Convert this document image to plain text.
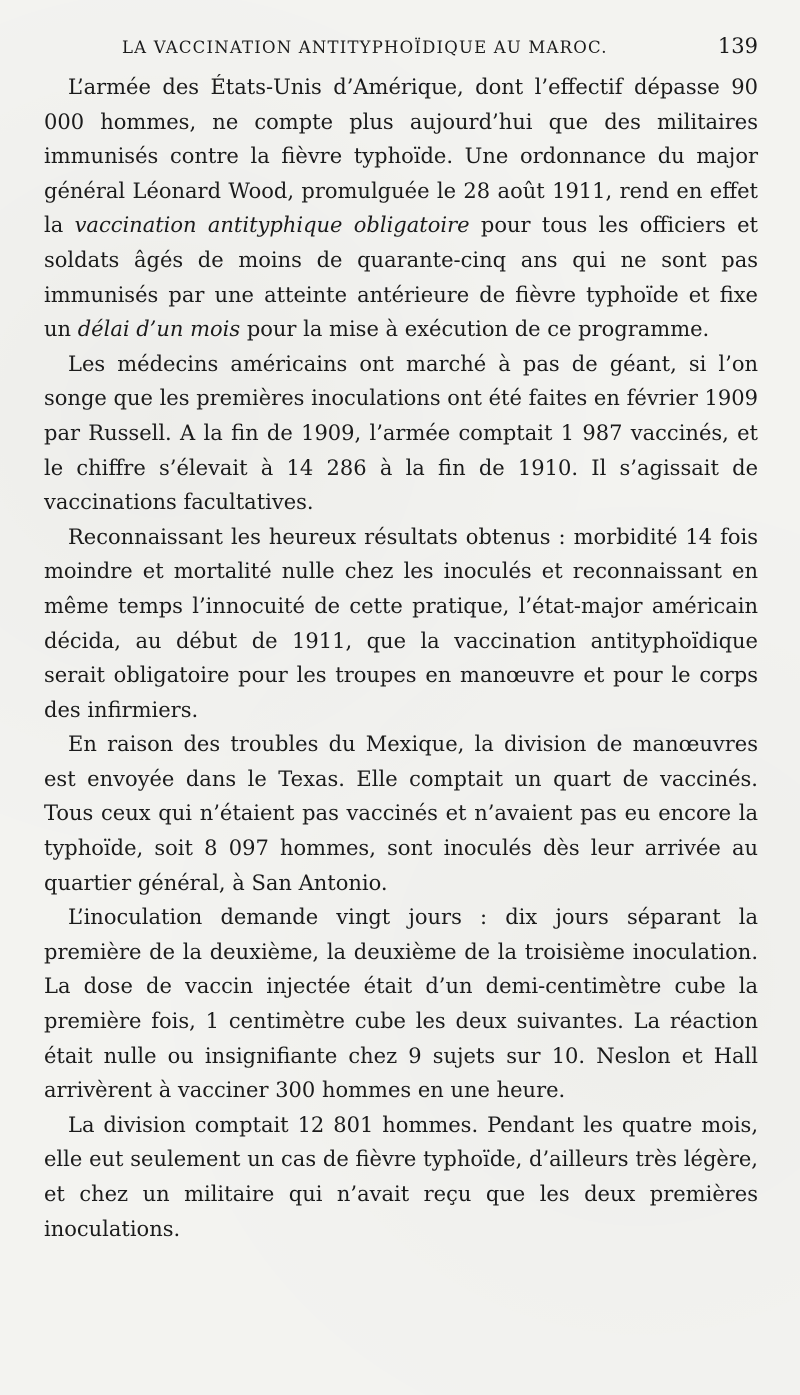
LA VACCINATION ANTITYPHOÏDIQUE AU MAROC.	139

L’armée des États-Unis d’Amérique, dont l’effectif dépasse 90 000 hommes, ne compte plus aujourd’hui que des militaires immunisés contre la fièvre typhoïde. Une ordonnance du major général Léonard Wood, promulguée le 28 août 1911, rend en effet la vaccination antityphique obligatoire pour tous les officiers et soldats âgés de moins de quarante-cinq ans qui ne sont pas immunisés par une atteinte antérieure de fièvre typhoïde et fixe un délai d’un mois pour la mise à exécution de ce programme.

Les médecins américains ont marché à pas de géant, si l’on songe que les premières inoculations ont été faites en février 1909 par Russell. A la fin de 1909, l’armée comptait 1 987 vaccinés, et le chiffre s’élevait à 14 286 à la fin de 1910. Il s’agissait de vaccinations facultatives.

Reconnaissant les heureux résultats obtenus : morbidité 14 fois moindre et mortalité nulle chez les inoculés et reconnaissant en même temps l’innocuité de cette pratique, l’état-major américain décida, au début de 1911, que la vaccination antityphoïdique serait obligatoire pour les troupes en manœuvre et pour le corps des infirmiers.

En raison des troubles du Mexique, la division de manœuvres est envoyée dans le Texas. Elle comptait un quart de vaccinés. Tous ceux qui n’étaient pas vaccinés et n’avaient pas eu encore la typhoïde, soit 8 097 hommes, sont inoculés dès leur arrivée au quartier général, à San Antonio.

L’inoculation demande vingt jours : dix jours séparant la première de la deuxième, la deuxième de la troisième inoculation. La dose de vaccin injectée était d’un demi-centimètre cube la première fois, 1 centimètre cube les deux suivantes. La réaction était nulle ou insignifiante chez 9 sujets sur 10. Neslon et Hall arrivèrent à vacciner 300 hommes en une heure.

La division comptait 12 801 hommes. Pendant les quatre mois, elle eut seulement un cas de fièvre typhoïde, d’ailleurs très légère, et chez un militaire qui n’avait reçu que les deux premières inoculations.
